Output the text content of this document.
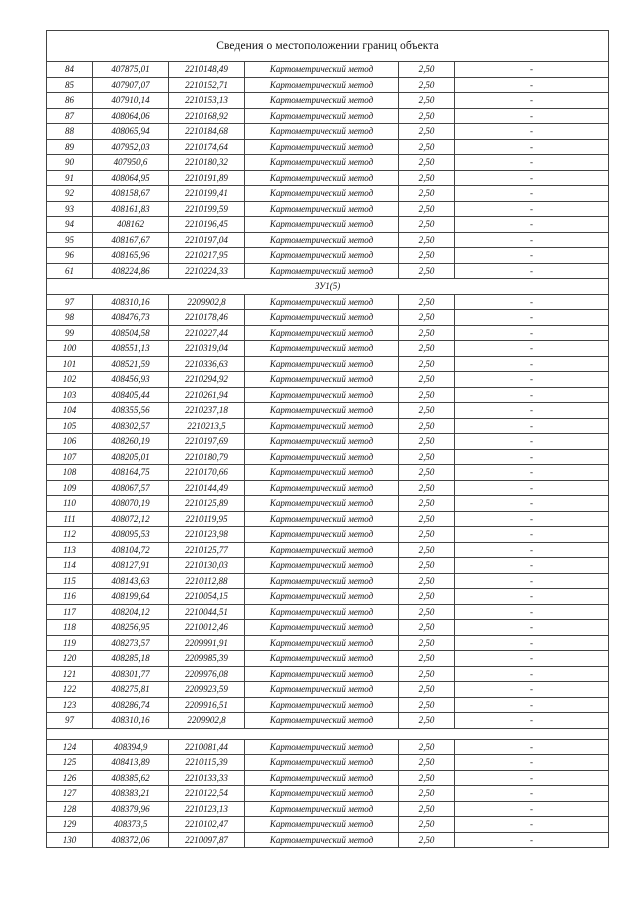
Сведения о местоположении границ объекта					
84	407875,01	2210148,49	Картометрический метод	2,50	-
85	407907,07	2210152,71	Картометрический метод	2,50	-
86	407910,14	2210153,13	Картометрический метод	2,50	-
87	408064,06	2210168,92	Картометрический метод	2,50	-
88	408065,94	2210184,68	Картометрический метод	2,50	-
89	407952,03	2210174,64	Картометрический метод	2,50	-
90	407950,6	2210180,32	Картометрический метод	2,50	-
91	408064,95	2210191,89	Картометрический метод	2,50	-
92	408158,67	2210199,41	Картометрический метод	2,50	-
93	408161,83	2210199,59	Картометрический метод	2,50	-
94	408162	2210196,45	Картометрический метод	2,50	-
95	408167,67	2210197,04	Картометрический метод	2,50	-
96	408165,96	2210217,95	Картометрический метод	2,50	-
61	408224,86	2210224,33	Картометрический метод	2,50	-
ЗУ1(5)					
97	408310,16	2209902,8	Картометрический метод	2,50	-
98	408476,73	2210178,46	Картометрический метод	2,50	-
99	408504,58	2210227,44	Картометрический метод	2,50	-
100	408551,13	2210319,04	Картометрический метод	2,50	-
101	408521,59	2210336,63	Картометрический метод	2,50	-
102	408456,93	2210294,92	Картометрический метод	2,50	-
103	408405,44	2210261,94	Картометрический метод	2,50	-
104	408355,56	2210237,18	Картометрический метод	2,50	-
105	408302,57	2210213,5	Картометрический метод	2,50	-
106	408260,19	2210197,69	Картометрический метод	2,50	-
107	408205,01	2210180,79	Картометрический метод	2,50	-
108	408164,75	2210170,66	Картометрический метод	2,50	-
109	408067,57	2210144,49	Картометрический метод	2,50	-
110	408070,19	2210125,89	Картометрический метод	2,50	-
111	408072,12	2210119,95	Картометрический метод	2,50	-
112	408095,53	2210123,98	Картометрический метод	2,50	-
113	408104,72	2210125,77	Картометрический метод	2,50	-
114	408127,91	2210130,03	Картометрический метод	2,50	-
115	408143,63	2210112,88	Картометрический метод	2,50	-
116	408199,64	2210054,15	Картометрический метод	2,50	-
117	408204,12	2210044,51	Картометрический метод	2,50	-
118	408256,95	2210012,46	Картометрический метод	2,50	-
119	408273,57	2209991,91	Картометрический метод	2,50	-
120	408285,18	2209985,39	Картометрический метод	2,50	-
121	408301,77	2209976,08	Картометрический метод	2,50	-
122	408275,81	2209923,59	Картометрический метод	2,50	-
123	408286,74	2209916,51	Картометрический метод	2,50	-
97	408310,16	2209902,8	Картометрический метод	2,50	-

124	408394,9	2210081,44	Картометрический метод	2,50	-
125	408413,89	2210115,39	Картометрический метод	2,50	-
126	408385,62	2210133,33	Картометрический метод	2,50	-
127	408383,21	2210122,54	Картометрический метод	2,50	-
128	408379,96	2210123,13	Картометрический метод	2,50	-
129	408373,5	2210102,47	Картометрический метод	2,50	-
130	408372,06	2210097,87	Картометрический метод	2,50	-
